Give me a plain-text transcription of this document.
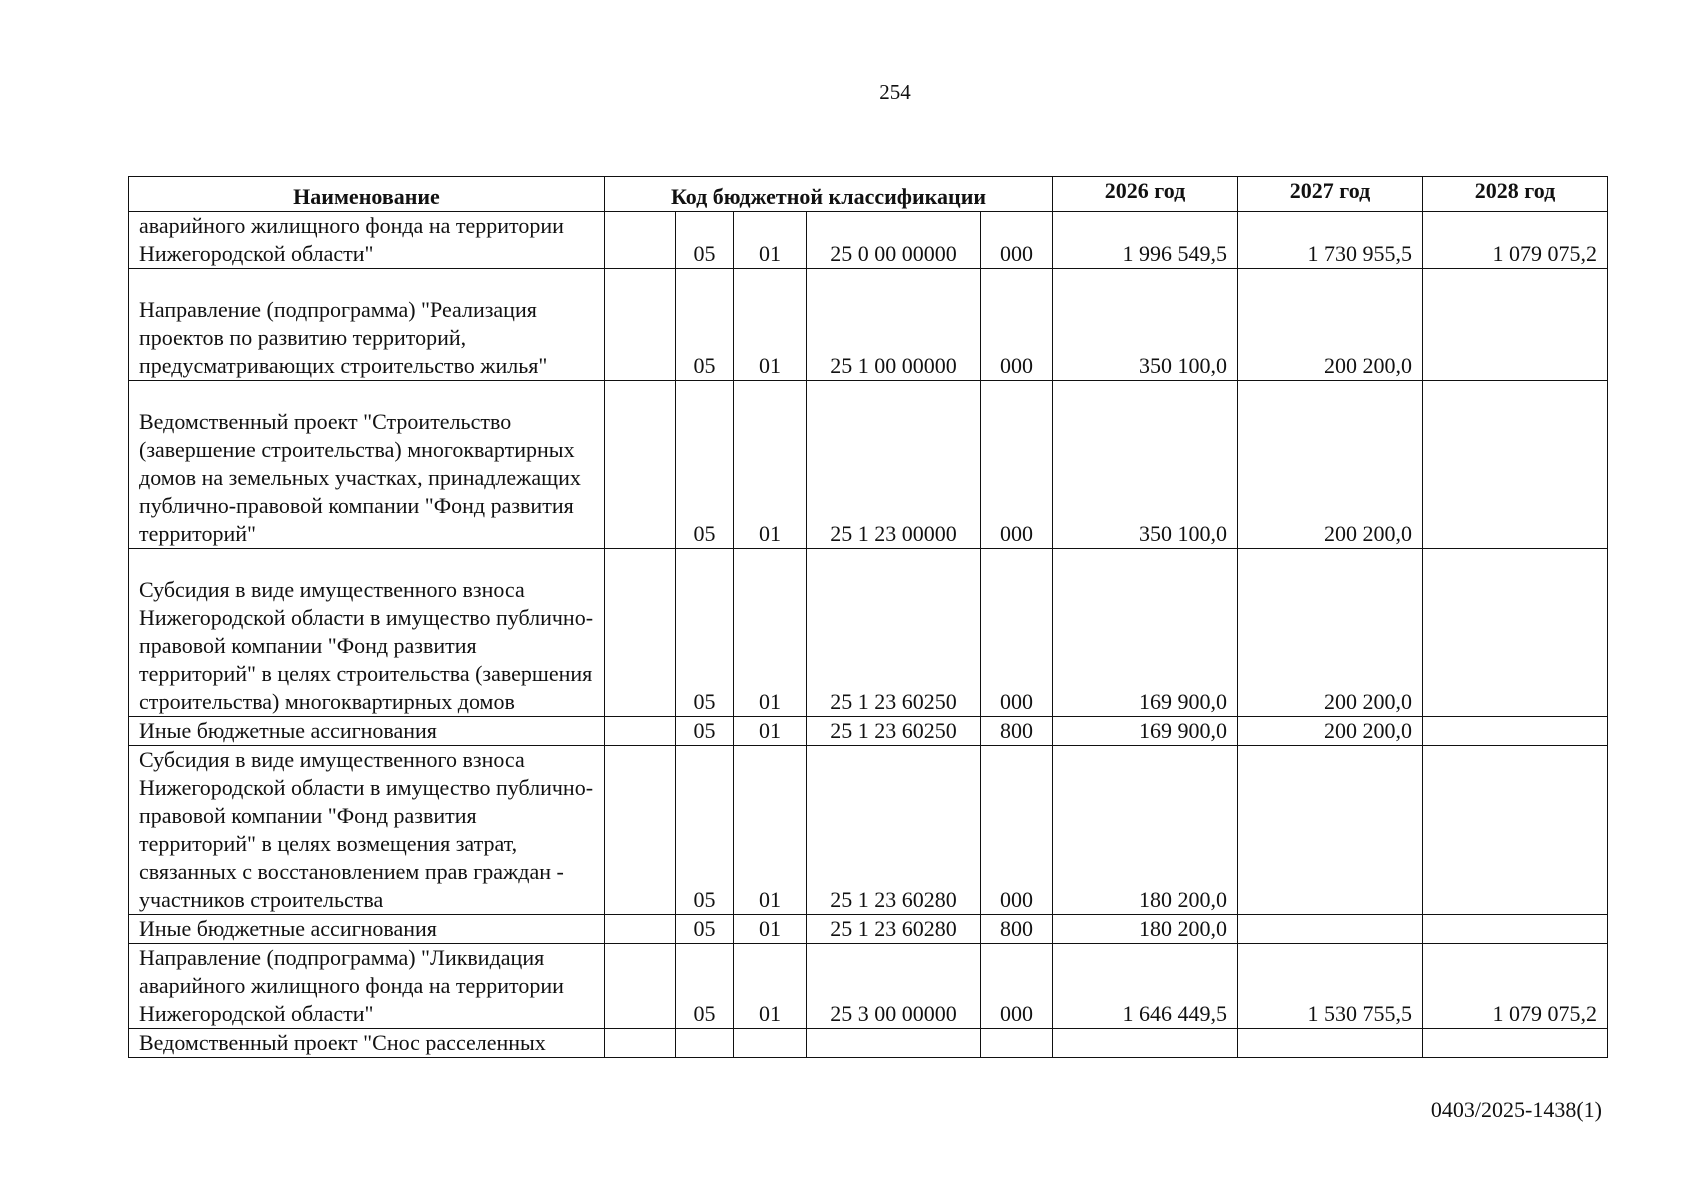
254
Наименование	Код бюджетной классификации					2026 год	2027 год	2028 год
аварийного жилищного фонда на территории Нижегородской области"		05	01	25 0 00 00000	000	1 996 549,5	1 730 955,5	1 079 075,2
Направление (подпрограмма) "Реализация проектов по развитию территорий, предусматривающих строительство жилья"		05	01	25 1 00 00000	000	350 100,0	200 200,0	
Ведомственный проект "Строительство (завершение строительства) многоквартирных домов на земельных участках, принадлежащих публично-правовой компании "Фонд развития территорий"		05	01	25 1 23 00000	000	350 100,0	200 200,0	
Субсидия в виде имущественного взноса Нижегородской области в имущество публично-правовой компании "Фонд развития территорий" в целях строительства (завершения строительства) многоквартирных домов		05	01	25 1 23 60250	000	169 900,0	200 200,0	
Иные бюджетные ассигнования		05	01	25 1 23 60250	800	169 900,0	200 200,0	
Субсидия в виде имущественного взноса Нижегородской области в имущество публично-правовой компании "Фонд развития территорий" в целях возмещения затрат, связанных с восстановлением прав граждан - участников строительства		05	01	25 1 23 60280	000	180 200,0		
Иные бюджетные ассигнования		05	01	25 1 23 60280	800	180 200,0		
Направление (подпрограмма) "Ликвидация аварийного жилищного фонда на территории Нижегородской области"		05	01	25 3 00 00000	000	1 646 449,5	1 530 755,5	1 079 075,2
Ведомственный проект "Снос расселенных								
0403/2025-1438(1)
